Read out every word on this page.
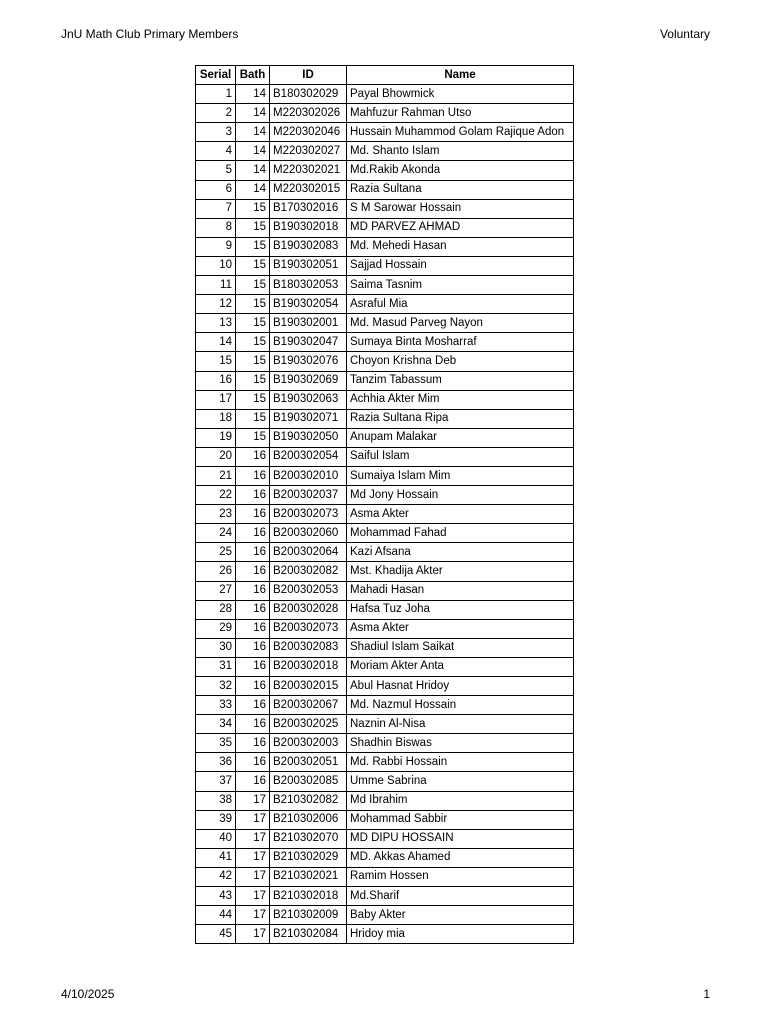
JnU Math Club Primary Members	Voluntary
Serial	Bath	ID	Name
1	14	B180302029	Payal Bhowmick
2	14	M220302026	Mahfuzur Rahman Utso
3	14	M220302046	Hussain Muhammod Golam Rajique Adon
4	14	M220302027	Md. Shanto Islam
5	14	M220302021	Md.Rakib Akonda
6	14	M220302015	Razia Sultana
7	15	B170302016	S M Sarowar Hossain
8	15	B190302018	MD PARVEZ AHMAD
9	15	B190302083	Md. Mehedi Hasan
10	15	B190302051	Sajjad Hossain
11	15	B180302053	Saima Tasnim
12	15	B190302054	Asraful Mia
13	15	B190302001	Md. Masud Parveg Nayon
14	15	B190302047	Sumaya Binta Mosharraf
15	15	B190302076	Choyon Krishna Deb
16	15	B190302069	Tanzim Tabassum
17	15	B190302063	Achhia Akter Mim
18	15	B190302071	Razia Sultana Ripa
19	15	B190302050	Anupam Malakar
20	16	B200302054	Saiful Islam
21	16	B200302010	Sumaiya Islam Mim
22	16	B200302037	Md Jony Hossain
23	16	B200302073	Asma Akter
24	16	B200302060	Mohammad Fahad
25	16	B200302064	Kazi Afsana
26	16	B200302082	Mst. Khadija Akter
27	16	B200302053	Mahadi Hasan
28	16	B200302028	Hafsa Tuz Joha
29	16	B200302073	Asma Akter
30	16	B200302083	Shadiul Islam Saikat
31	16	B200302018	Moriam Akter Anta
32	16	B200302015	Abul Hasnat Hridoy
33	16	B200302067	Md. Nazmul Hossain
34	16	B200302025	Naznin Al-Nisa
35	16	B200302003	Shadhin Biswas
36	16	B200302051	Md. Rabbi Hossain
37	16	B200302085	Umme Sabrina
38	17	B210302082	Md Ibrahim
39	17	B210302006	Mohammad Sabbir
40	17	B210302070	MD DIPU HOSSAIN
41	17	B210302029	MD. Akkas Ahamed
42	17	B210302021	Ramim Hossen
43	17	B210302018	Md.Sharif
44	17	B210302009	Baby Akter
45	17	B210302084	Hridoy mia
4/10/2025	1
